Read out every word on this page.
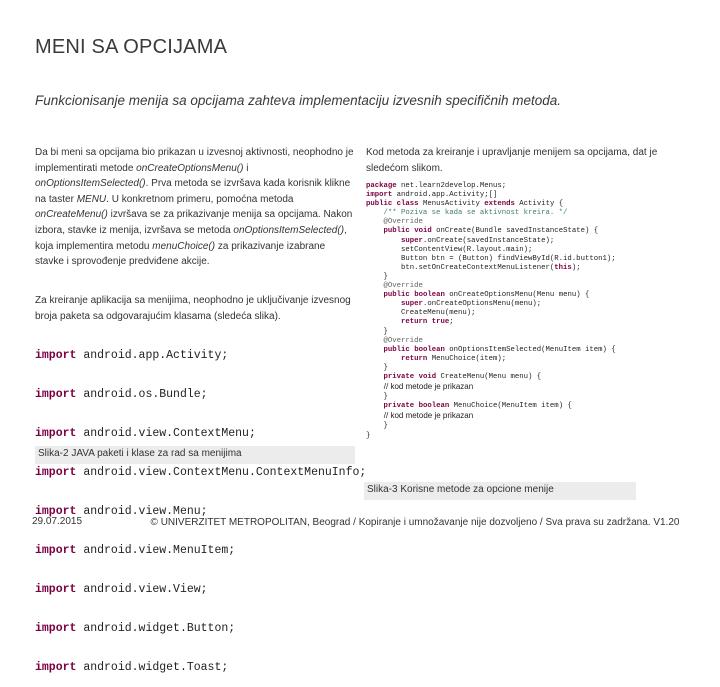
MENI SA OPCIJAMA
Funkcionisanje menija sa opcijama zahteva implementaciju izvesnih specifičnih metoda.
Da bi meni sa opcijama bio prikazan u izvesnoj aktivnosti, neophodno je implementirati metode onCreateOptionsMenu() i onOptionsItemSelected(). Prva metoda se izvršava kada korisnik klikne na taster MENU. U konkretnom primeru, pomoćna metoda onCreateMenu() izvršava se za prikazivanje menija sa opcijama. Nakon izbora, stavke iz menija, izvršava se metoda onOptionsItemSelected(), koja implementira metodu menuChoice() za prikazivanje izabrane stavke i sprovođenje predviđene akcije.
Za kreiranje aplikacija sa menijima, neophodno je uključivanje izvesnog broja paketa sa odgovarajućim klasama (sledeća slika).
Kod metoda za kreiranje i upravljanje menijem sa opcijama, dat je sledećom slikom.

import android.app.Activity;

import android.os.Bundle;

import android.view.ContextMenu;

import android.view.ContextMenu.ContextMenuInfo;

import android.view.Menu;

import android.view.MenuItem;

import android.view.View;

import android.widget.Button;

import android.widget.Toast;

Slika-2 JAVA paketi i klase za rad sa menijima
package net.learn2develop.Menus;
import android.app.Activity;[]
public class MenusActivity extends Activity {
/** Poziva se kada se aktivnost kreira. */
@Override
public void onCreate(Bundle savedInstanceState) {
super.onCreate(savedInstanceState);
setContentView(R.layout.main);
Button btn = (Button) findViewById(R.id.button1);
btn.setOnCreateContextMenuListener(this);
}
@Override
public boolean onCreateOptionsMenu(Menu menu) {
super.onCreateOptionsMenu(menu);
CreateMenu(menu);
return true;
}
@Override
public boolean onOptionsItemSelected(MenuItem item) {
return MenuChoice(item);
}
private void CreateMenu(Menu menu) {
// kod metode je prikazan
}
private boolean MenuChoice(MenuItem item) {
// kod metode je prikazan
}
}
Slika-3 Korisne metode za opcione menije
29.07.2015	© UNIVERZITET METROPOLITAN, Beograd / Kopiranje i umnožavanje nije dozvoljeno / Sva prava su zadržana. V1.20
